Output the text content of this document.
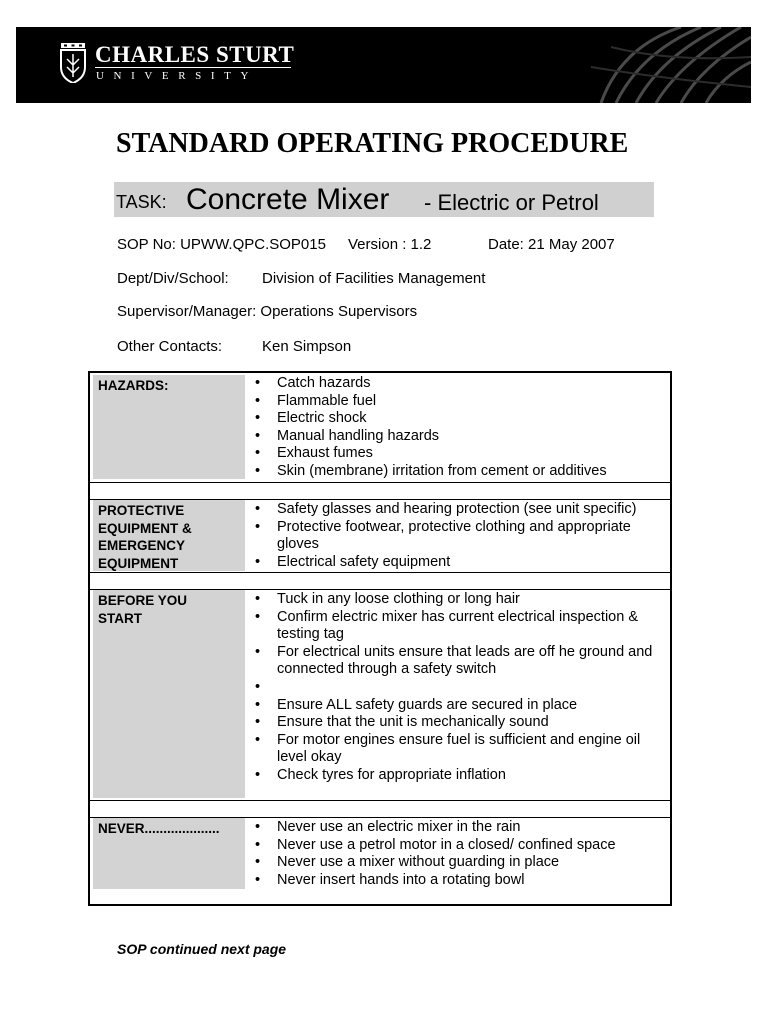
CHARLES STURT
UNIVERSITY
STANDARD OPERATING PROCEDURE
TASK: Concrete Mixer - Electric or Petrol
SOP No: UPWW.QPC.SOP015 Version : 1.2	Date: 21 May 2007
Dept/Div/School: Division of Facilities Management
Supervisor/Manager: Operations Supervisors
Other Contacts:	Ken Simpson
HAZARDS:	• Catch hazards
• Flammable fuel
• Electric shock
• Manual handling hazards
• Exhaust fumes
• Skin (membrane) irritation from cement or additives
PROTECTIVE EQUIPMENT & EMERGENCY EQUIPMENT
• Safety glasses and hearing protection (see unit specific)
• Protective footwear, protective clothing and appropriate gloves
• Electrical safety equipment
BEFORE YOU START
• Tuck in any loose clothing or long hair
• Confirm electric mixer has current electrical inspection & testing tag
• For electrical units ensure that leads are off he ground and connected through a safety switch
•
• Ensure ALL safety guards are secured in place
• Ensure that the unit is mechanically sound
• For motor engines ensure fuel is sufficient and engine oil level okay
• Check tyres for appropriate inflation
NEVER....................	• Never use an electric mixer in the rain
• Never use a petrol motor in a closed/ confined space
• Never use a mixer without guarding in place
• Never insert hands into a rotating bowl
SOP continued next page
